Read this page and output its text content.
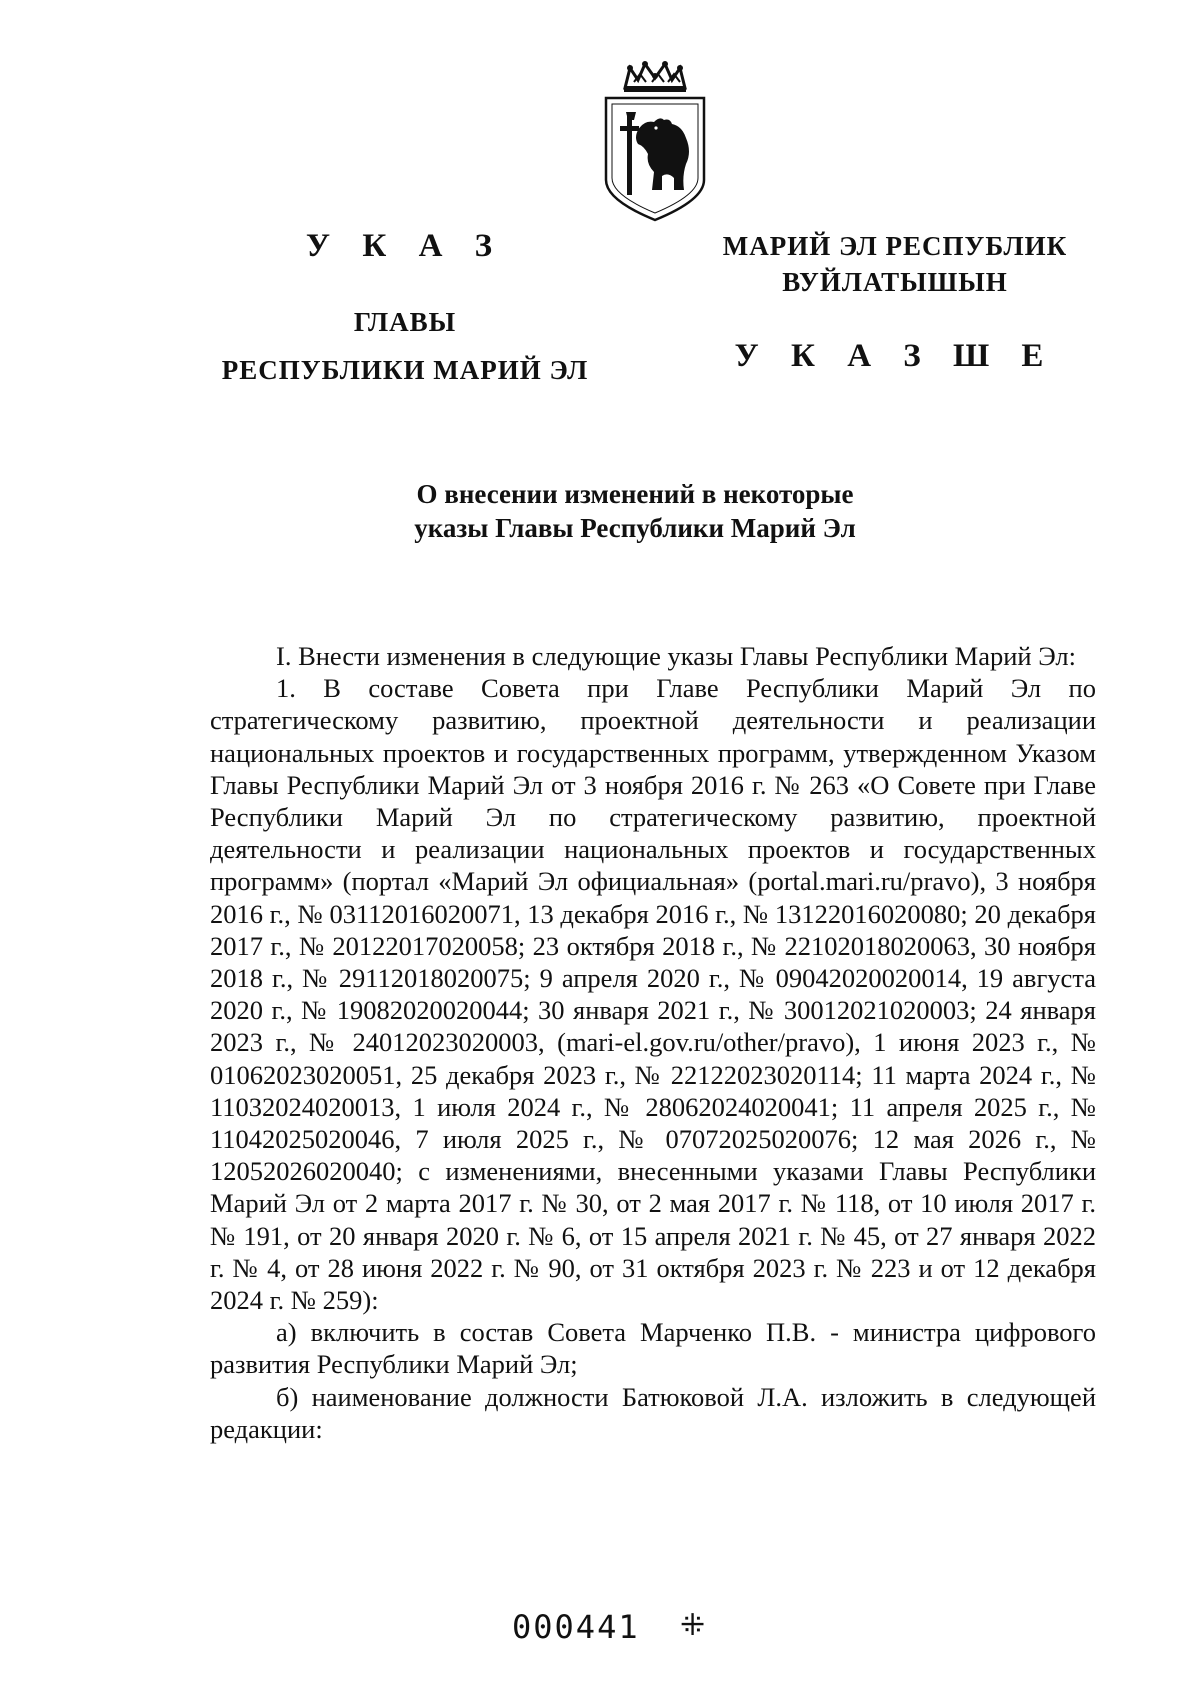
У К А З
ГЛАВЫ
РЕСПУБЛИКИ МАРИЙ ЭЛ
МАРИЙ ЭЛ РЕСПУБЛИК
ВУЙЛАТЫШЫН
У К А З Ш Е
О внесении изменений в некоторые
указы Главы Республики Марий Эл

I. Внести изменения в следующие указы Главы Республики Марий Эл:

1. В составе Совета при Главе Республики Марий Эл по стратегическому развитию, проектной деятельности и реализации национальных проектов и государственных программ, утвержденном Указом Главы Республики Марий Эл от 3 ноября 2016 г. № 263 «О Совете при Главе Республики Марий Эл по стратегическому развитию, проектной деятельности и реализации национальных проектов и государственных программ» (портал «Марий Эл официальная» (portal.mari.ru/pravo), 3 ноября 2016 г., № 03112016020071, 13 декабря 2016 г., № 13122016020080; 20 декабря 2017 г., № 20122017020058; 23 октября 2018 г., № 22102018020063, 30 ноября 2018 г., № 29112018020075; 9 апреля 2020 г., № 09042020020014, 19 августа 2020 г., № 19082020020044; 30 января 2021 г., № 30012021020003; 24 января 2023 г., № 24012023020003, (mari-el.gov.ru/other/pravo), 1 июня 2023 г., № 01062023020051, 25 декабря 2023 г., № 22122023020114; 11 марта 2024 г., № 11032024020013, 1 июля 2024 г., № 28062024020041; 11 апреля 2025 г., № 11042025020046, 7 июля 2025 г., № 07072025020076; 12 мая 2026 г., № 12052026020040; с изменениями, внесенными указами Главы Республики Марий Эл от 2 марта 2017 г. № 30, от 2 мая 2017 г. № 118, от 10 июля 2017 г. № 191, от 20 января 2020 г. № 6, от 15 апреля 2021 г. № 45, от 27 января 2022 г. № 4, от 28 июня 2022 г. № 90, от 31 октября 2023 г. № 223 и от 12 декабря 2024 г. № 259):

а) включить в состав Совета Марченко П.В. - министра цифрового развития Республики Марий Эл;

б) наименование должности Батюковой Л.А. изложить в следующей редакции:

000441 ⁜
